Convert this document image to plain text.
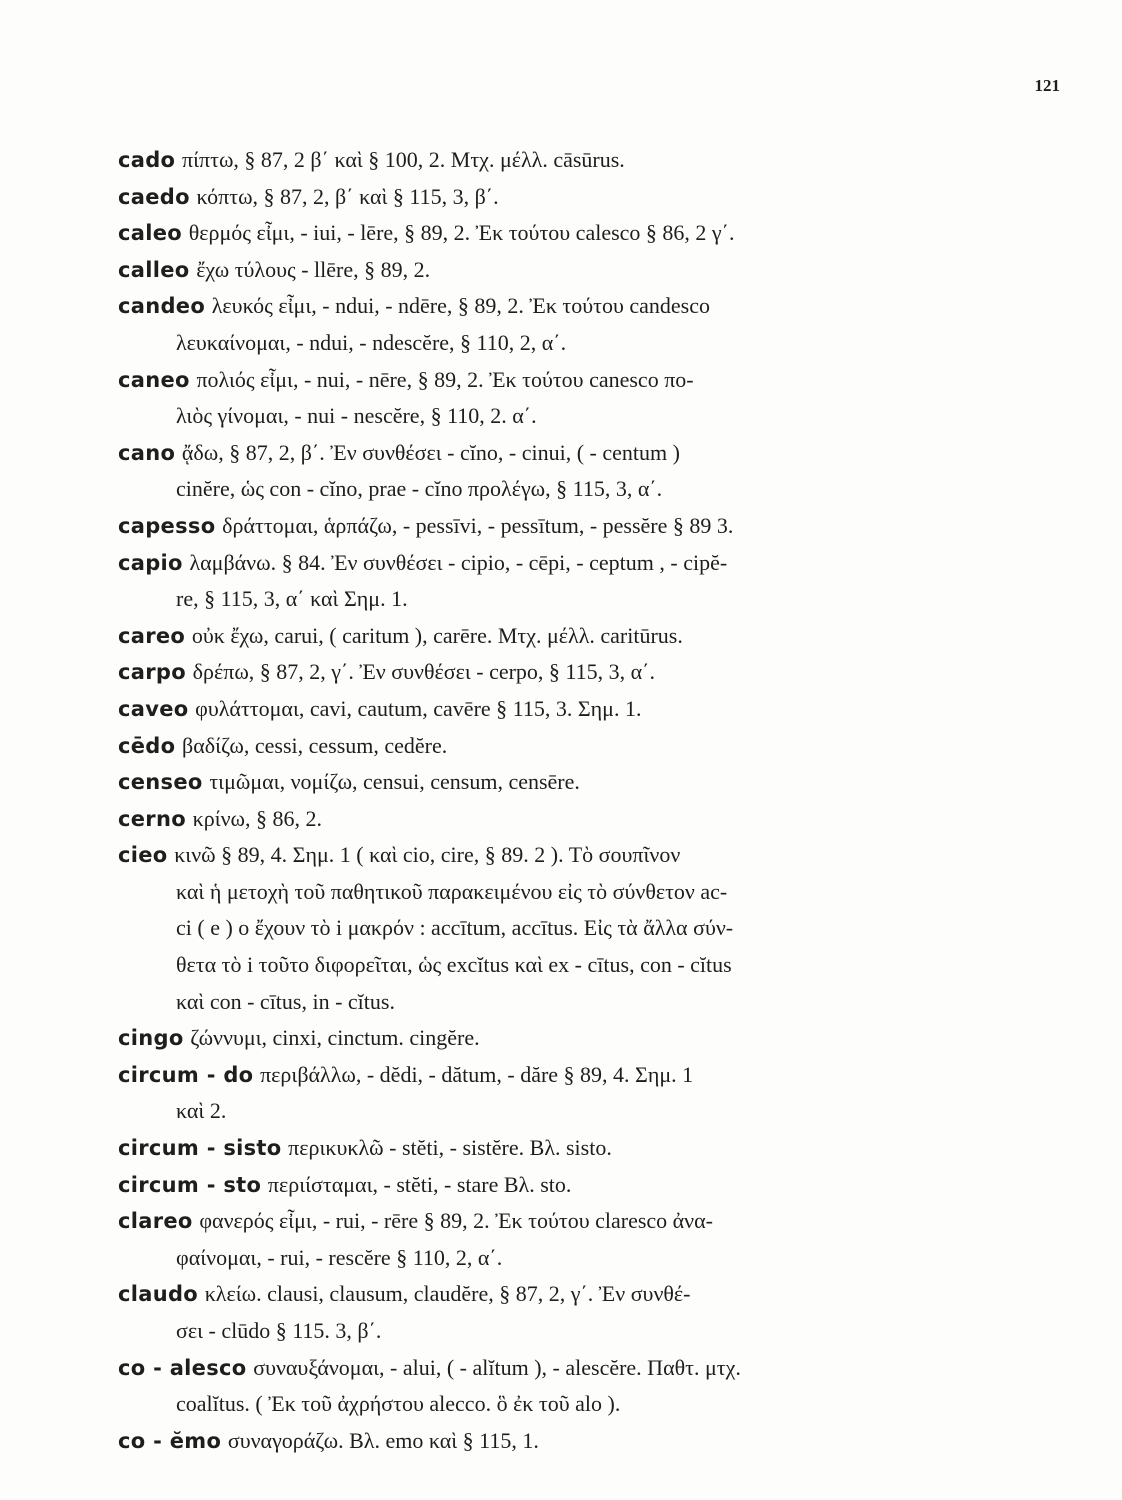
121
cado πίπτω, § 87, 2 β΄ καὶ § 100, 2. Μτχ. μέλλ. cāsūrus.
caedo κόπτω, § 87, 2, β΄ καὶ § 115, 3, β΄.
caleo θερμός εἶμι, - iui, - lēre, § 89, 2. Ἐκ τούτου calesco § 86, 2 γ΄.
calleo ἔχω τύλους - llēre, § 89, 2.
candeo λευκός εἶμι, - ndui, - ndēre, § 89, 2. Ἐκ τούτου candesco
λευκαίνομαι, - ndui, - ndescĕre, § 110, 2, α΄.
caneo πολιός εἶμι, - nui, - nēre, § 89, 2. Ἐκ τούτου canesco πο-
λιὸς γίνομαι, - nui - nescĕre, § 110, 2. α΄.
cano ᾄδω, § 87, 2, β΄. Ἐν συνθέσει - cĭno, - cinui, ( - centum )
cinĕre, ὡς con - cĭno, prae - cĭno προλέγω, § 115, 3, α΄.
capesso δράττομαι, ἁρπάζω, - pessīvi, - pessītum, - pessĕre § 89 3.
capio λαμβάνω. § 84. Ἐν συνθέσει - cipio, - cēpi, - ceptum , - cipĕ-
re, § 115, 3, α΄ καὶ Σημ. 1.
careo οὐκ ἔχω, carui, ( caritum ), carēre. Μτχ. μέλλ. caritūrus.
carpo δρέπω, § 87, 2, γ΄. Ἐν συνθέσει - cerpo, § 115, 3, α΄.
caveo φυλάττομαι, cavi, cautum, cavēre § 115, 3. Σημ. 1.
cēdo βαδίζω, cessi, cessum, cedĕre.
censeo τιμῶμαι, νομίζω, censui, censum, censēre.
cerno κρίνω, § 86, 2.
cieo κινῶ § 89, 4. Σημ. 1 ( καὶ cio, cire, § 89. 2 ). Τὸ σουπῖνον
καὶ ἡ μετοχὴ τοῦ παθητικοῦ παρακειμένου εἰς τὸ σύνθετον ac-
ci ( e ) ο ἔχουν τὸ i μακρόν : accītum, accītus. Εἰς τὰ ἄλλα σύν-
θετα τὸ i τοῦτο διφορεῖται, ὡς excĭtus καὶ ex - cītus, con - cĭtus
καὶ con - cītus, in - cĭtus.
cingo ζώννυμι, cinxi, cinctum. cingĕre.
circum - do περιβάλλω, - dĕdi, - dătum, - dăre § 89, 4. Σημ. 1
καὶ 2.
circum - sisto περικυκλῶ - stĕti, - sistĕre. Βλ. sisto.
circum - sto περιίσταμαι, - stĕti, - stare Βλ. sto.
clareo φανερός εἶμι, - rui, - rēre § 89, 2. Ἐκ τούτου claresco ἀνα-
φαίνομαι, - rui, - rescĕre § 110, 2, α΄.
claudo κλείω. clausi, clausum, claudĕre, § 87, 2, γ΄. Ἐν συνθέ-
σει - clūdo § 115. 3, β΄.
co - alesco συναυξάνομαι, - alui, ( - alĭtum ), - alescĕre. Παθτ. μτχ.
coalĭtus. ( Ἐκ τοῦ ἀχρήστου alecco. ὃ ἐκ τοῦ alo ).
co - ĕmo συναγοράζω. Βλ. emo καὶ § 115, 1.
